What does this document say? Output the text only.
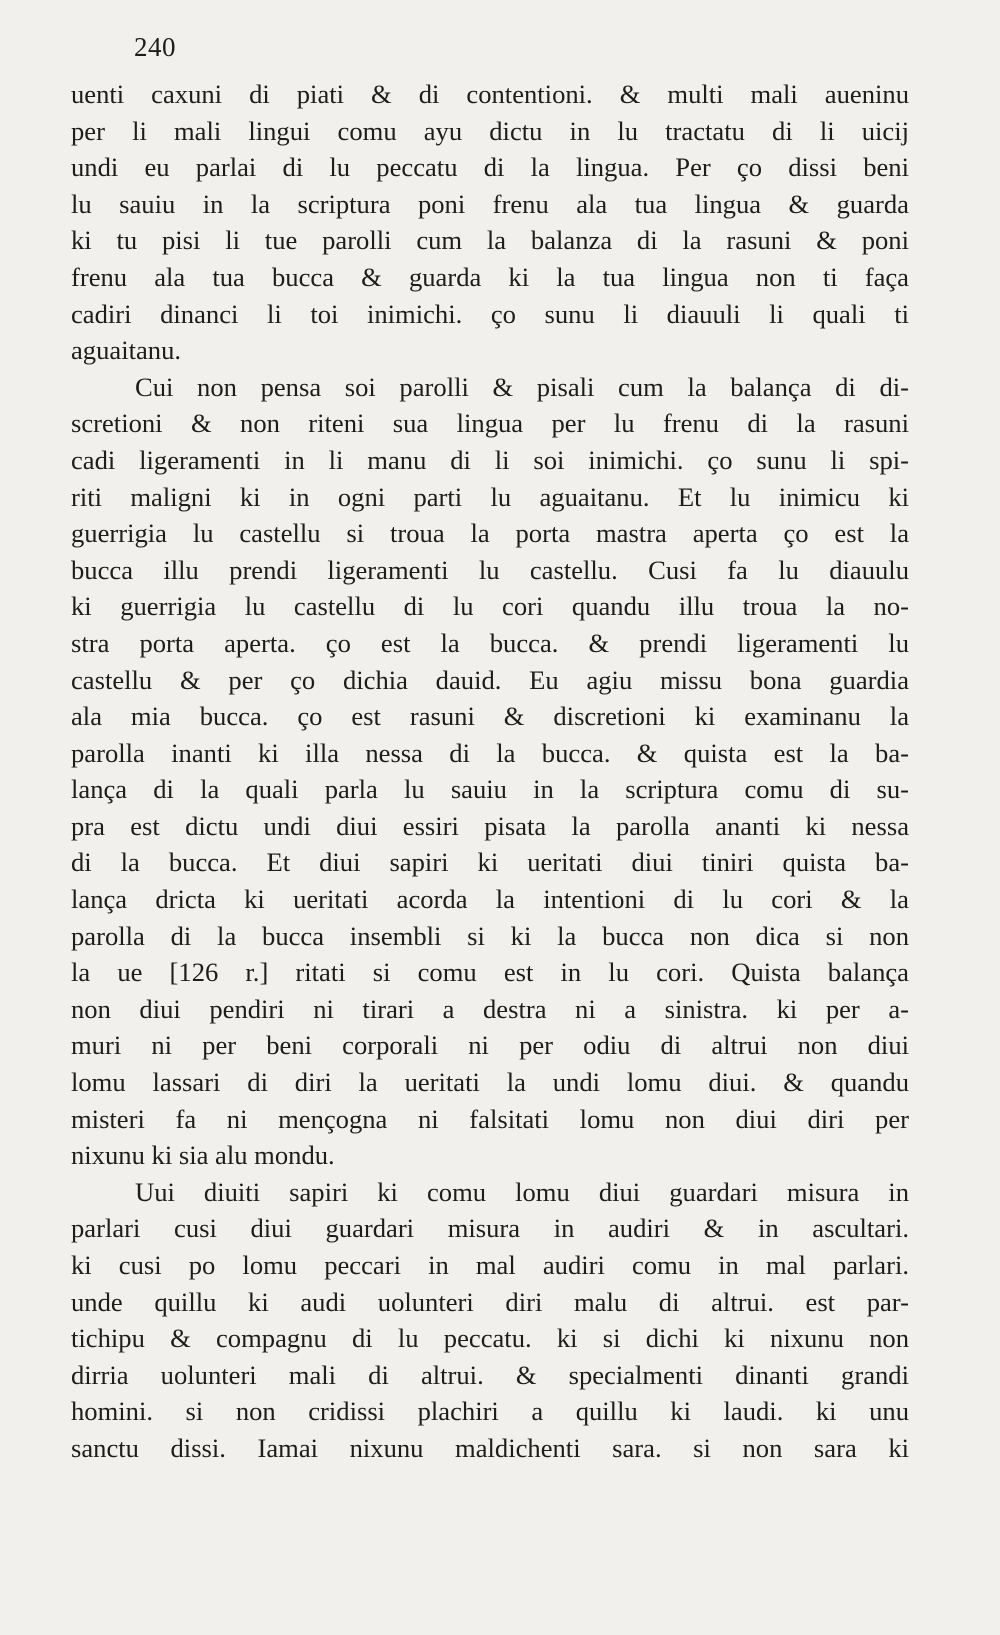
240
uenti caxuni di piati & di contentioni. & multi mali aueninu
per li mali lingui comu ayu dictu in lu tractatu di li uicij
undi eu parlai di lu peccatu di la lingua. Per ço dissi beni
lu sauiu in la scriptura poni frenu ala tua lingua & guarda
ki tu pisi li tue parolli cum la balanza di la rasuni & poni
frenu ala tua bucca & guarda ki la tua lingua non ti façа
cadiri dinanci li toi inimichi. ço sunu li diauuli li quali ti
aguaitanu.
Cui non pensa soi parolli & pisali cum la balança di di-
scretioni & non riteni sua lingua per lu frenu di la rasuni
cadi ligeramenti in li manu di li soi inimichi. ço sunu li spi-
riti maligni ki in ogni parti lu aguaitanu. Et lu inimicu ki
guerrigia lu castellu si troua la porta mastra aperta ço est la
bucca illu prendi ligeramenti lu castellu. Cusi fa lu diauulu
ki guerrigia lu castellu di lu cori quandu illu troua la no-
stra porta aperta. ço est la bucca. & prendi ligeramenti lu
castellu & per ço dichia dauid. Eu agiu missu bona guardia
ala mia bucca. ço est rasuni & discretioni ki examinanu la
parolla inanti ki illa nessa di la bucca. & quista est la ba-
lança di la quali parla lu sauiu in la scriptura comu di su-
pra est dictu undi diui essiri pisata la parolla ananti ki nessa
di la bucca. Et diui sapiri ki ueritati diui tiniri quista ba-
lança dricta ki ueritati acorda la intentioni di lu cori & la
parolla di la bucca insembli si ki la bucca non dica si non
la ue [126 r.] ritati si comu est in lu cori. Quista balança
non diui pendiri ni tirari a destra ni a sinistra. ki per a-
muri ni per beni corporali ni per odiu di altrui non diui
lomu lassari di diri la ueritati la undi lomu diui. & quandu
misteri fa ni mençogna ni falsitati lomu non diui diri per
nixunu ki sia alu mondu.
Uui diuiti sapiri ki comu lomu diui guardari misura in
parlari cusi diui guardari misura in audiri & in ascultari.
ki cusi po lomu peccari in mal audiri comu in mal parlari.
unde quillu ki audi uolunteri diri malu di altrui. est par-
tichipu & compagnu di lu peccatu. ki si dichi ki nixunu non
dirria uolunteri mali di altrui. & specialmenti dinanti grandi
homini. si non cridissi plachiri a quillu ki laudi. ki unu
sanctu dissi. Iamai nixunu maldichenti sara. si non sara ki
